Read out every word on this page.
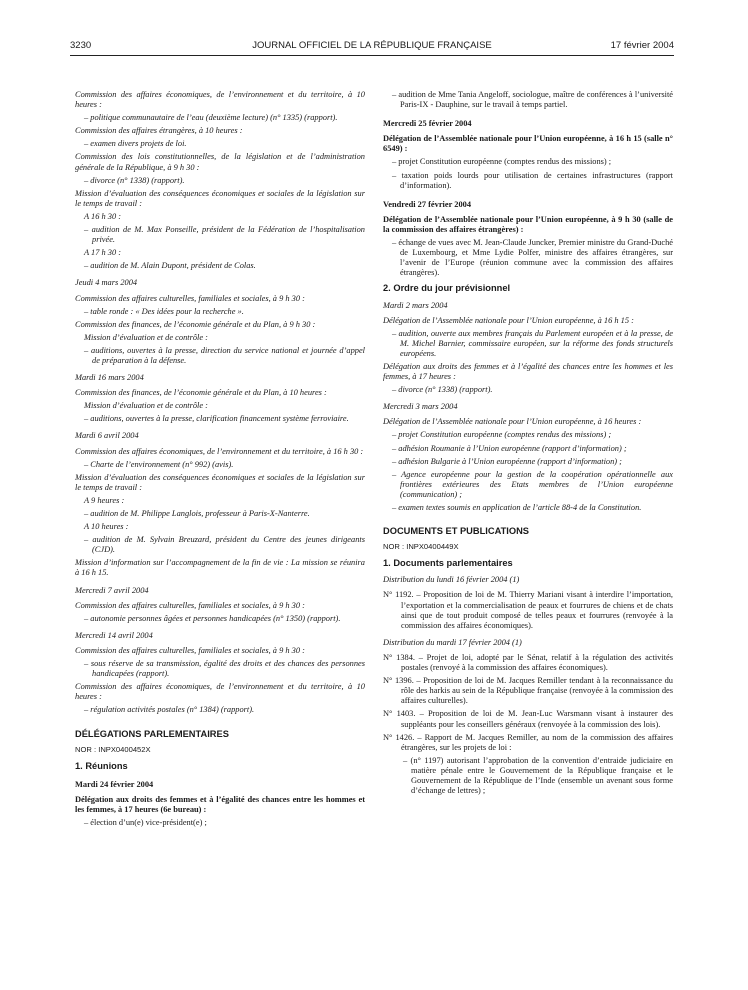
3230	JOURNAL OFFICIEL DE LA RÉPUBLIQUE FRANÇAISE	17 février 2004

Commission des affaires économiques, de l’environnement et du territoire, à 10 heures :

– politique communautaire de l’eau (deuxième lecture) (n° 1335) (rapport).

Commission des affaires étrangères, à 10 heures :

– examen divers projets de loi.

Commission des lois constitutionnelles, de la législation et de l’administration générale de la République, à 9 h 30 :

– divorce (n° 1338) (rapport).

Mission d’évaluation des conséquences économiques et sociales de la législation sur le temps de travail :

A 16 h 30 :

– audition de M. Max Ponseille, président de la Fédération de l’hospitalisation privée.

A 17 h 30 :

– audition de M. Alain Dupont, président de Colas.

Jeudi 4 mars 2004

Commission des affaires culturelles, familiales et sociales, à 9 h 30 :

– table ronde : « Des idées pour la recherche ».

Commission des finances, de l’économie générale et du Plan, à 9 h 30 :

Mission d’évaluation et de contrôle :

– auditions, ouvertes à la presse, direction du service national et journée d’appel de préparation à la défense.

Mardi 16 mars 2004

Commission des finances, de l’économie générale et du Plan, à 10 heures :

Mission d’évaluation et de contrôle :

– auditions, ouvertes à la presse, clarification financement système ferroviaire.

Mardi 6 avril 2004

Commission des affaires économiques, de l’environnement et du territoire, à 16 h 30 :

– Charte de l’environnement (n° 992) (avis).

Mission d’évaluation des conséquences économiques et sociales de la législation sur le temps de travail :

A 9 heures :

– audition de M. Philippe Langlois, professeur à Paris-X-Nanterre.

A 10 heures :

– audition de M. Sylvain Breuzard, président du Centre des jeunes dirigeants (CJD).

Mission d’information sur l’accompagnement de la fin de vie : La mission se réunira à 16 h 15.

Mercredi 7 avril 2004

Commission des affaires culturelles, familiales et sociales, à 9 h 30 :

– autonomie personnes âgées et personnes handicapées (n° 1350) (rapport).

Mercredi 14 avril 2004

Commission des affaires culturelles, familiales et sociales, à 9 h 30 :

– sous réserve de sa transmission, égalité des droits et des chances des personnes handicapées (rapport).

Commission des affaires économiques, de l’environnement et du territoire, à 10 heures :

– régulation activités postales (n° 1384) (rapport).

DÉLÉGATIONS PARLEMENTAIRES

NOR : INPX0400452X

1. Réunions

Mardi 24 février 2004

Délégation aux droits des femmes et à l’égalité des chances entre les hommes et les femmes, à 17 heures (6e bureau) :

– élection d’un(e) vice-président(e) ;

– audition de Mme Tania Angeloff, sociologue, maître de conférences à l’université Paris-IX - Dauphine, sur le travail à temps partiel.

Mercredi 25 février 2004

Délégation de l’Assemblée nationale pour l’Union européenne, à 16 h 15 (salle n° 6549) :

– projet Constitution européenne (comptes rendus des missions) ;

– taxation poids lourds pour utilisation de certaines infrastructures (rapport d’information).

Vendredi 27 février 2004

Délégation de l’Assemblée nationale pour l’Union européenne, à 9 h 30 (salle de la commission des affaires étrangères) :

– échange de vues avec M. Jean-Claude Juncker, Premier ministre du Grand-Duché de Luxembourg, et Mme Lydie Polfer, ministre des affaires étrangères, sur l’avenir de l’Europe (réunion commune avec la commission des affaires étrangères).

2. Ordre du jour prévisionnel

Mardi 2 mars 2004

Délégation de l’Assemblée nationale pour l’Union européenne, à 16 h 15 :

– audition, ouverte aux membres français du Parlement européen et à la presse, de M. Michel Barnier, commissaire européen, sur la réforme des fonds structurels européens.

Délégation aux droits des femmes et à l’égalité des chances entre les hommes et les femmes, à 17 heures :

– divorce (n° 1338) (rapport).

Mercredi 3 mars 2004

Délégation de l’Assemblée nationale pour l’Union européenne, à 16 heures :

– projet Constitution européenne (comptes rendus des missions) ;

– adhésion Roumanie à l’Union européenne (rapport d’information) ;

– adhésion Bulgarie à l’Union européenne (rapport d’information) ;

– Agence européenne pour la gestion de la coopération opérationnelle aux frontières extérieures des Etats membres de l’Union européenne (communication) ;

– examen textes soumis en application de l’article 88-4 de la Constitution.

DOCUMENTS ET PUBLICATIONS

NOR : INPX0400449X

1. Documents parlementaires

Distribution du lundi 16 février 2004 (1)

N° 1192. – Proposition de loi de M. Thierry Mariani visant à interdire l’importation, l’exportation et la commercialisation de peaux et fourrures de chiens et de chats ainsi que de tout produit composé de telles peaux et fourrures (renvoyée à la commission des affaires économiques).

Distribution du mardi 17 février 2004 (1)

N° 1384. – Projet de loi, adopté par le Sénat, relatif à la régulation des activités postales (renvoyé à la commission des affaires économiques).

N° 1396. – Proposition de loi de M. Jacques Remiller tendant à la reconnaissance du rôle des harkis au sein de la République française (renvoyée à la commission des affaires culturelles).

N° 1403. – Proposition de loi de M. Jean-Luc Warsmann visant à instaurer des suppléants pour les conseillers généraux (renvoyée à la commission des lois).

N° 1426. – Rapport de M. Jacques Remiller, au nom de la commission des affaires étrangères, sur les projets de loi :

– (n° 1197) autorisant l’approbation de la convention d’entraide judiciaire en matière pénale entre le Gouvernement de la République française et le Gouvernement de la République de l’Inde (ensemble un avenant sous forme d’échange de lettres) ;
